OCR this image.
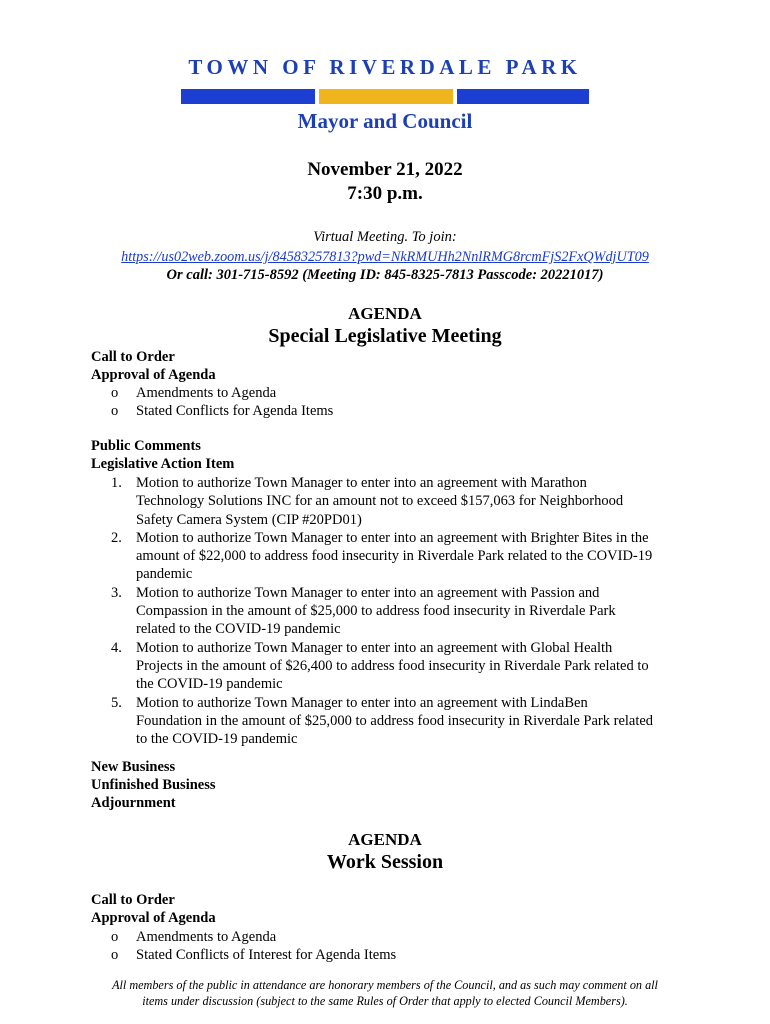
TOWN OF RIVERDALE PARK
Mayor and Council
November 21, 2022
7:30 p.m.
Virtual Meeting. To join:
https://us02web.zoom.us/j/84583257813?pwd=NkRMUHh2NnlRMG8rcmFjS2FxQWdjUT09
Or call: 301-715-8592 (Meeting ID: 845-8325-7813 Passcode: 20221017)
AGENDA
Special Legislative Meeting
Call to Order
Approval of Agenda
o Amendments to Agenda
o Stated Conflicts for Agenda Items
Public Comments
Legislative Action Item
1. Motion to authorize Town Manager to enter into an agreement with Marathon
Technology Solutions INC for an amount not to exceed $157,063 for Neighborhood
Safety Camera System (CIP #20PD01)
2. Motion to authorize Town Manager to enter into an agreement with Brighter Bites in the
amount of $22,000 to address food insecurity in Riverdale Park related to the COVID-19
pandemic
3. Motion to authorize Town Manager to enter into an agreement with Passion and
Compassion in the amount of $25,000 to address food insecurity in Riverdale Park
related to the COVID-19 pandemic
4. Motion to authorize Town Manager to enter into an agreement with Global Health
Projects in the amount of $26,400 to address food insecurity in Riverdale Park related to
the COVID-19 pandemic
5. Motion to authorize Town Manager to enter into an agreement with LindaBen
Foundation in the amount of $25,000 to address food insecurity in Riverdale Park related
to the COVID-19 pandemic
New Business
Unfinished Business
Adjournment
AGENDA
Work Session
Call to Order
Approval of Agenda
o Amendments to Agenda
o Stated Conflicts of Interest for Agenda Items
All members of the public in attendance are honorary members of the Council, and as such may comment on all
items under discussion (subject to the same Rules of Order that apply to elected Council Members).
